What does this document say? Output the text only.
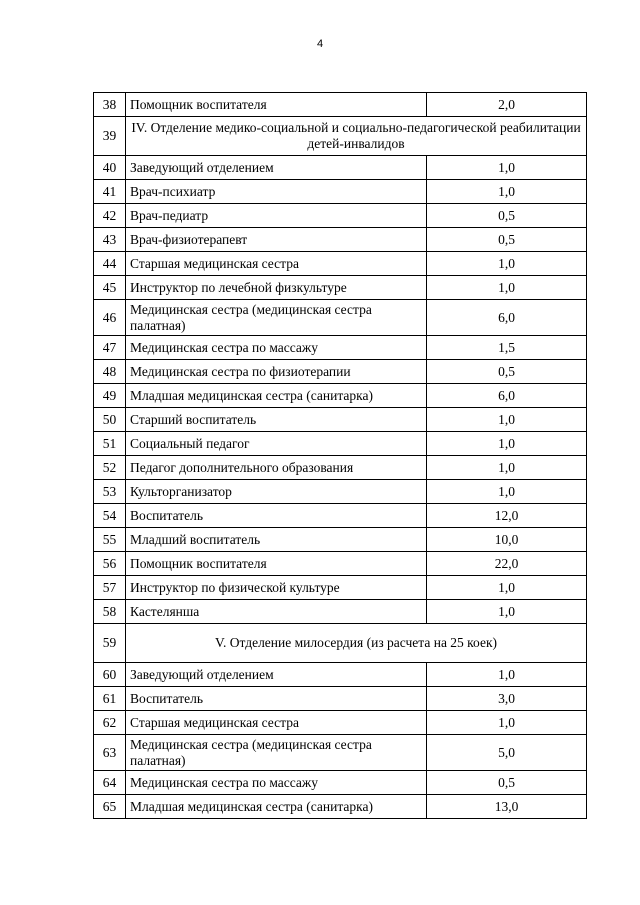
4
38	Помощник воспитателя	2,0
39	IV. Отделение медико-социальной и социально-педагогической реабилитации детей-инвалидов	
40	Заведующий отделением	1,0
41	Врач-психиатр	1,0
42	Врач-педиатр	0,5
43	Врач-физиотерапевт	0,5
44	Старшая медицинская сестра	1,0
45	Инструктор по лечебной физкультуре	1,0
46	Медицинская сестра (медицинская сестра палатная)	6,0
47	Медицинская сестра по массажу	1,5
48	Медицинская сестра по физиотерапии	0,5
49	Младшая медицинская сестра (санитарка)	6,0
50	Старший воспитатель	1,0
51	Социальный педагог	1,0
52	Педагог дополнительного образования	1,0
53	Культорганизатор	1,0
54	Воспитатель	12,0
55	Младший воспитатель	10,0
56	Помощник воспитателя	22,0
57	Инструктор по физической культуре	1,0
58	Кастелянша	1,0
59	V. Отделение милосердия (из расчета на 25 коек)	
60	Заведующий отделением	1,0
61	Воспитатель	3,0
62	Старшая медицинская сестра	1,0
63	Медицинская сестра (медицинская сестра палатная)	5,0
64	Медицинская сестра по массажу	0,5
65	Младшая медицинская сестра (санитарка)	13,0
